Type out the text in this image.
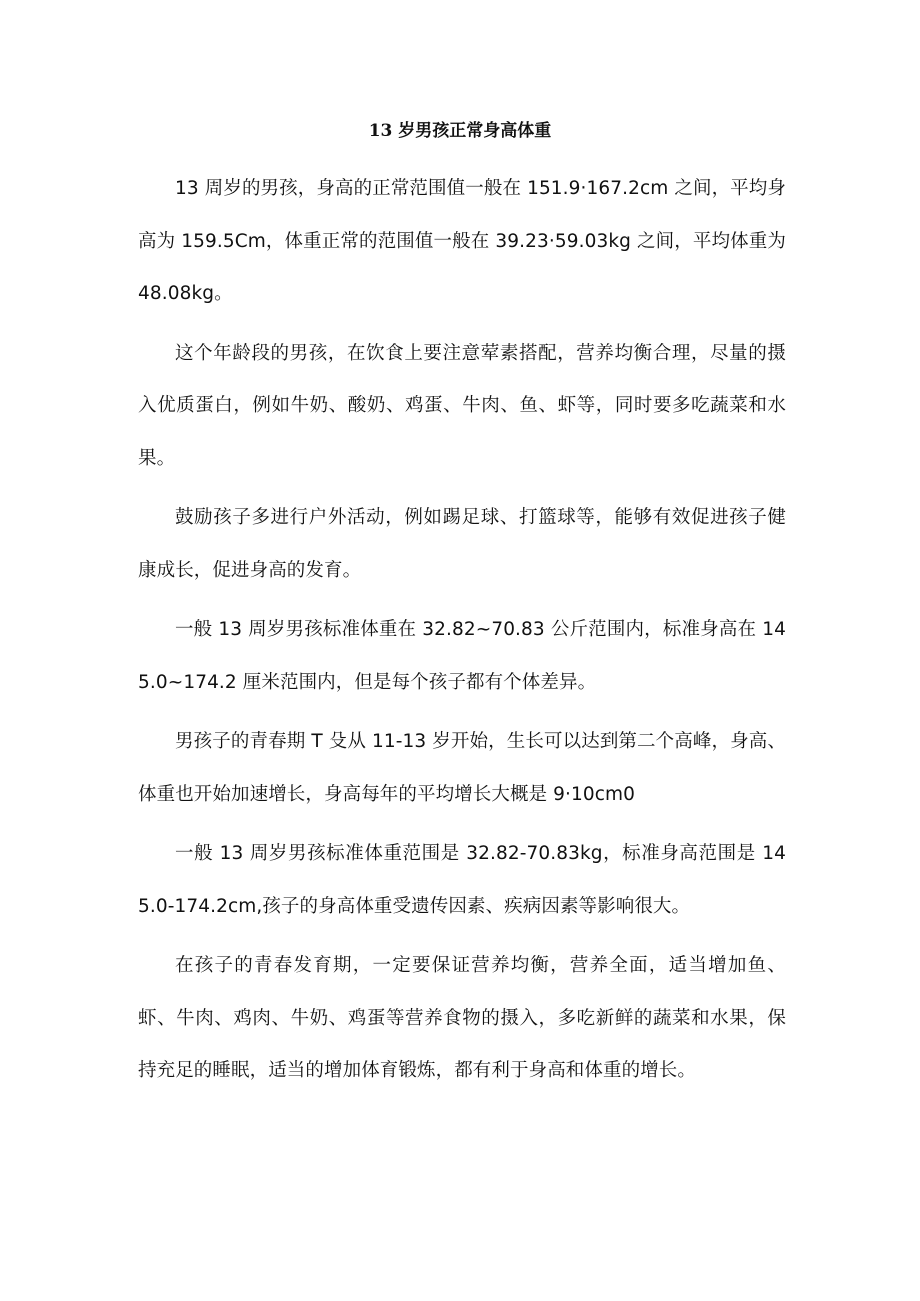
13 岁男孩正常身高体重

13 周岁的男孩，身高的正常范围值一般在 151.9·167.2cm 之间，平均身高为 159.5Cm，体重正常的范围值一般在 39.23·59.03kg 之间，平均体重为 48.08kg。

这个年龄段的男孩，在饮食上要注意荤素搭配，营养均衡合理，尽量的摄入优质蛋白，例如牛奶、酸奶、鸡蛋、牛肉、鱼、虾等，同时要多吃蔬菜和水果。

鼓励孩子多进行户外活动，例如踢足球、打篮球等，能够有效促进孩子健康成长，促进身高的发育。

一般 13 周岁男孩标准体重在 32.82~70.83 公斤范围内，标准身高在 145.0~174.2 厘米范围内，但是每个孩子都有个体差异。

男孩子的青春期 T 殳从 11-13 岁开始，生长可以达到第二个高峰，身高、体重也开始加速增长，身高每年的平均增长大概是 9·10cm0

一般 13 周岁男孩标准体重范围是 32.82-70.83kg，标准身高范围是 145.0-174.2cm,孩子的身高体重受遗传因素、疾病因素等影响很大。

在孩子的青春发育期，一定要保证营养均衡，营养全面，适当增加鱼、虾、牛肉、鸡肉、牛奶、鸡蛋等营养食物的摄入，多吃新鲜的蔬菜和水果，保持充足的睡眠，适当的增加体育锻炼，都有利于身高和体重的增长。
